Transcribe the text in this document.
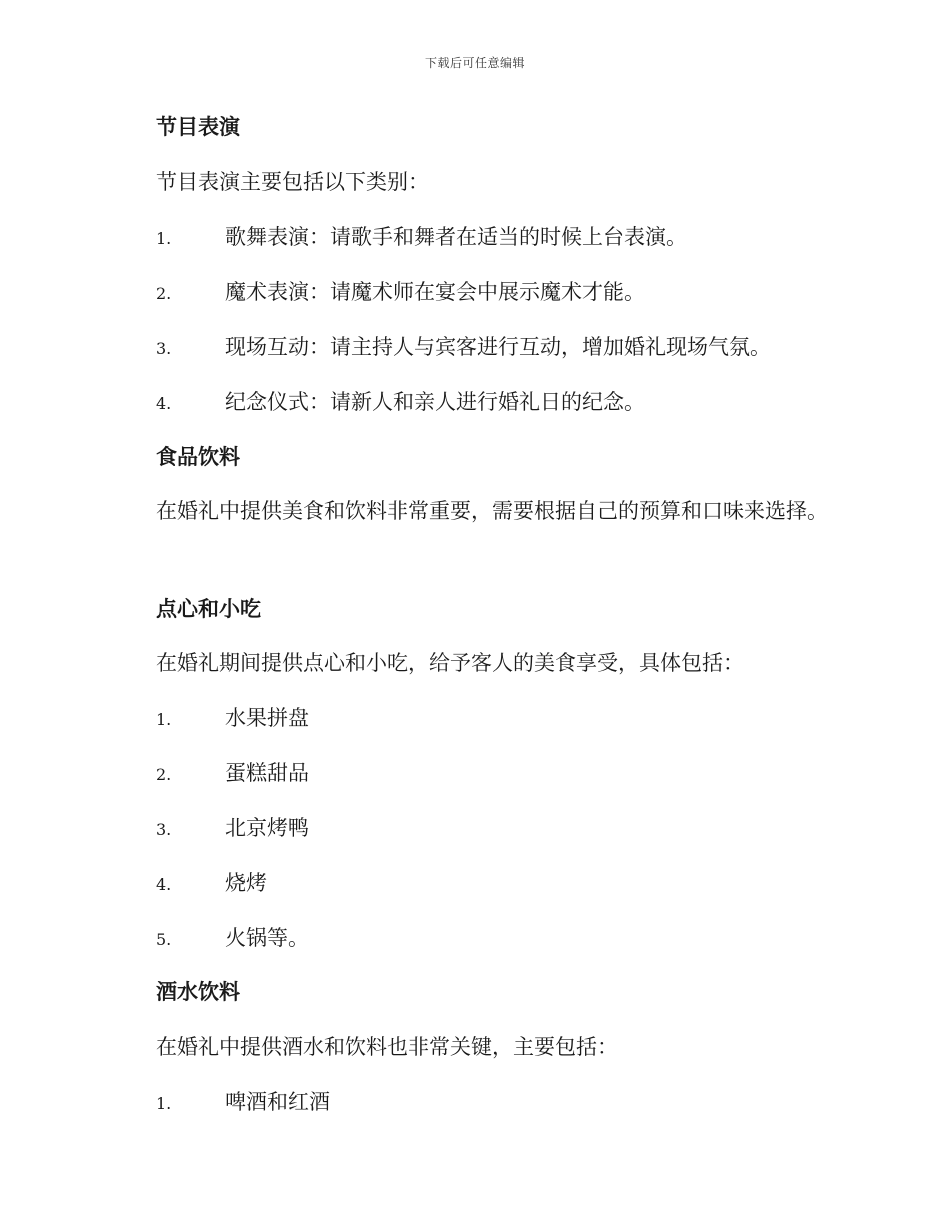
下载后可任意编辑
节目表演
节目表演主要包括以下类别：
1.	歌舞表演：请歌手和舞者在适当的时候上台表演。
2.	魔术表演：请魔术师在宴会中展示魔术才能。
3.	现场互动：请主持人与宾客进行互动，增加婚礼现场气氛。
4.	纪念仪式：请新人和亲人进行婚礼日的纪念。
食品饮料
在婚礼中提供美食和饮料非常重要，需要根据自己的预算和口味来选择。
点心和小吃
在婚礼期间提供点心和小吃，给予客人的美食享受，具体包括：
1.	水果拼盘
2.	蛋糕甜品
3.	北京烤鸭
4.	烧烤
5.	火锅等。
酒水饮料
在婚礼中提供酒水和饮料也非常关键，主要包括：
1.	啤酒和红酒
